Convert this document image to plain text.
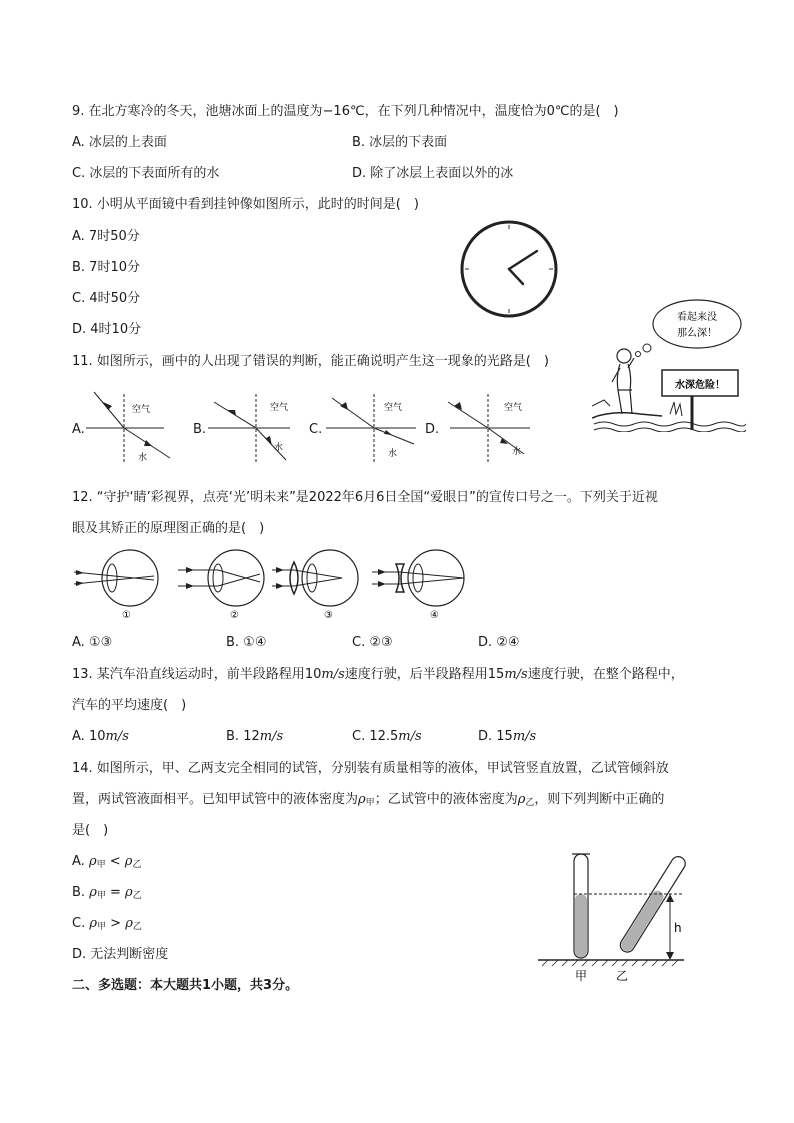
9. 在北方寒冷的冬天，池塘冰面上的温度为−16℃，在下列几种情况中，温度恰为0℃的是(　)
A. 冰层的上表面	B. 冰层的下表面
C. 冰层的下表面所有的水	D. 除了冰层上表面以外的冰
10. 小明从平面镜中看到挂钟像如图所示，此时的时间是(　)
A. 7时50分
B. 7时10分
C. 4时50分
D. 4时10分
11. 如图所示，画中的人出现了错误的判断，能正确说明产生这一现象的光路是(　)
看起来没
那么深！
水深危险！
A.
空气
水
B.
空气
水
C.
空气
水
D.
空气
水
12. “守护‘睛’彩视界，点亮‘光’明未来”是2022年6月6日全国“爱眼日”的宣传口号之一。下列关于近视
眼及其矫正的原理图正确的是(　)
①	②	③	④
A. ①③	B. ①④	C. ②③	D. ②④
13. 某汽车沿直线运动时，前半段路程用10m/s速度行驶，后半段路程用15m/s速度行驶，在整个路程中，
汽车的平均速度(　)
A. 10m/s	B. 12m/s	C. 12.5m/s	D. 15m/s
14. 如图所示，甲、乙两支完全相同的试管，分别装有质量相等的液体，甲试管竖直放置，乙试管倾斜放
置，两试管液面相平。已知甲试管中的液体密度为$\rho_甲$；乙试管中的液体密度为$\rho_乙$，则下列判断中正确的
是(　)
A. $\rho_甲 < \rho_乙$
B. $\rho_甲 = \rho_乙$
C. $\rho_甲 > \rho_乙$
D. 无法判断密度
h
甲 乙
二、多选题：本大题共1小题，共3分。
